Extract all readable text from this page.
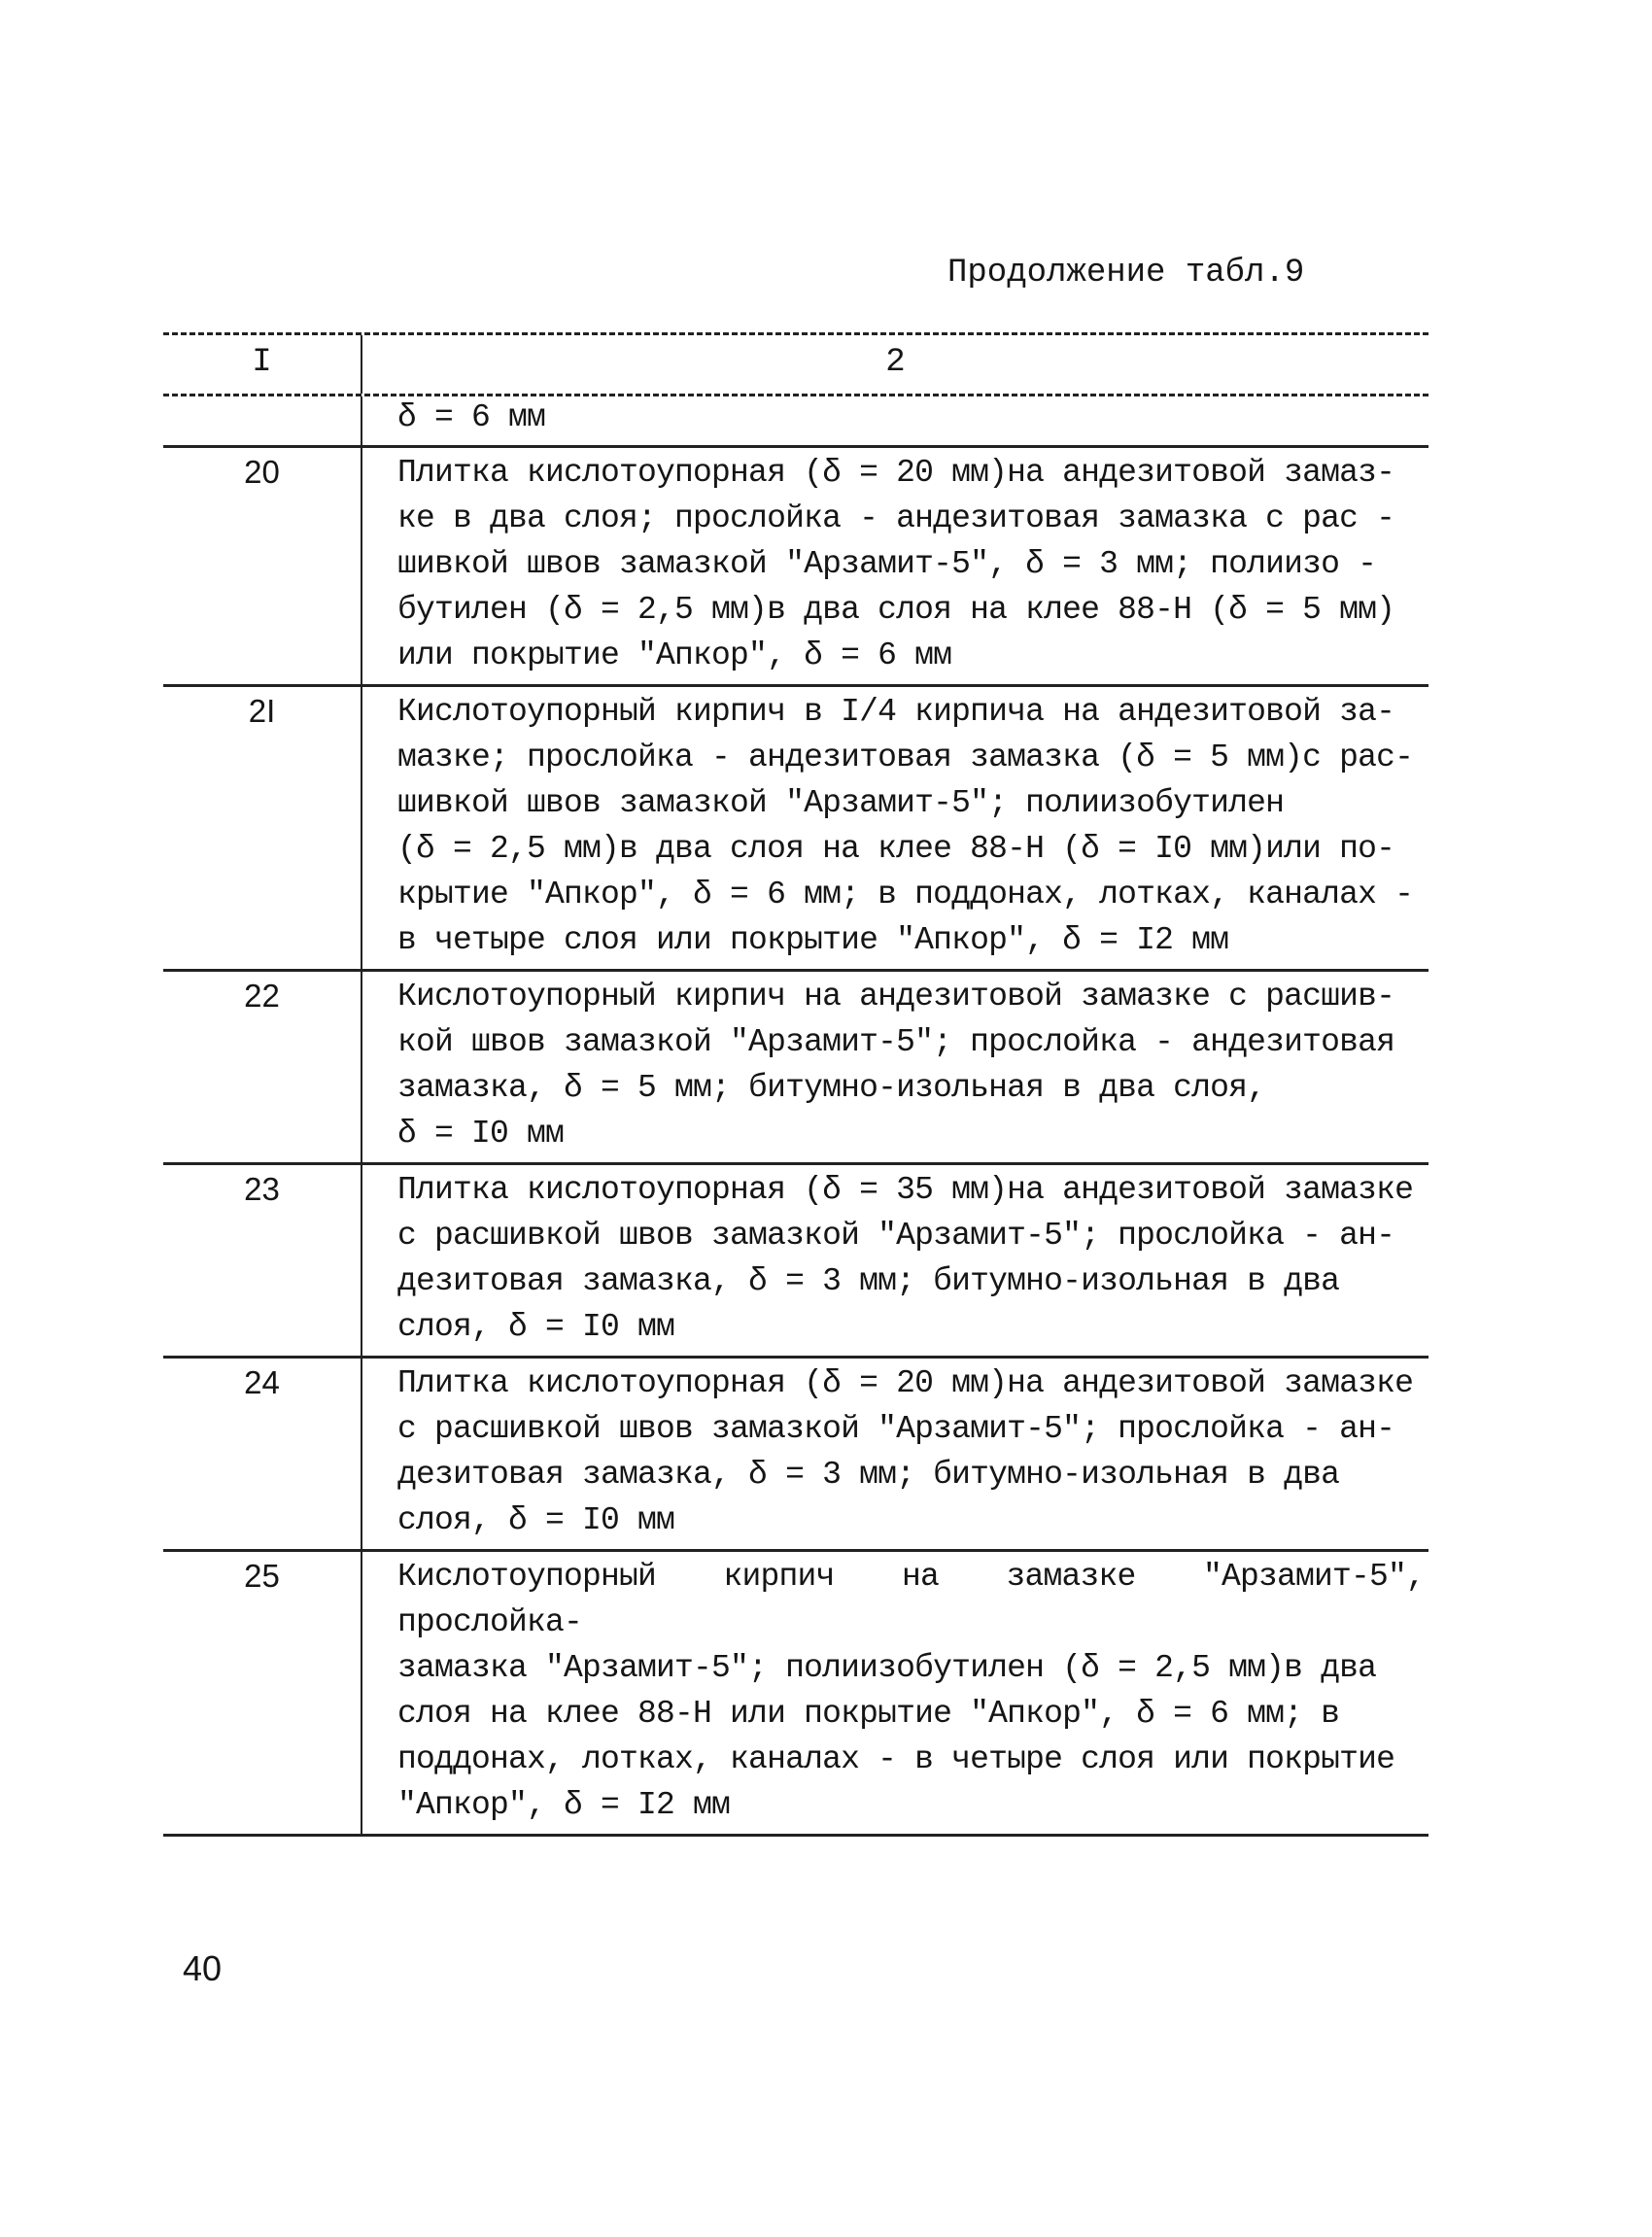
Продолжение табл.9
I	2
δ = 6 мм
20	Плитка кислотоупорная (δ = 20 мм)на андезитовой замаз-
ке в два слоя; прослойка - андезитовая замазка с рас -
шивкой швов замазкой "Арзамит-5", δ = 3 мм; полиизо -
бутилен (δ = 2,5 мм)в два слоя на клее 88-Н (δ = 5 мм)
или покрытие "Апкор", δ = 6 мм
2I	Кислотоупорный кирпич в I/4 кирпича на андезитовой за-
мазке; прослойка - андезитовая замазка (δ = 5 мм)с рас-
шивкой швов замазкой "Арзамит-5"; полиизобутилен
(δ = 2,5 мм)в два слоя на клее 88-Н (δ = I0 мм)или по-
крытие "Апкор", δ = 6 мм; в поддонах, лотках, каналах -
в четыре слоя или покрытие "Апкор", δ = I2 мм
22	Кислотоупорный кирпич на андезитовой замазке с расшив-
кой швов замазкой "Арзамит-5"; прослойка - андезитовая
замазка, δ = 5 мм; битумно-изольная в два слоя,
δ = I0 мм
23	Плитка кислотоупорная (δ = 35 мм)на андезитовой замазке
с расшивкой швов замазкой "Арзамит-5"; прослойка - ан-
дезитовая замазка, δ = 3 мм; битумно-изольная в два
слоя, δ = I0 мм
24	Плитка кислотоупорная (δ = 20 мм)на андезитовой замазке
с расшивкой швов замазкой "Арзамит-5"; прослойка - ан-
дезитовая замазка, δ = 3 мм; битумно-изольная в два
слоя, δ = I0 мм
25	Кислотоупорный кирпич на замазке "Арзамит-5", прослойка-
замазка "Арзамит-5"; полиизобутилен (δ = 2,5 мм)в два
слоя на клее 88-Н или покрытие "Апкор", δ = 6 мм; в
поддонах, лотках, каналах - в четыре слоя или покрытие
"Апкор", δ = I2 мм
40
